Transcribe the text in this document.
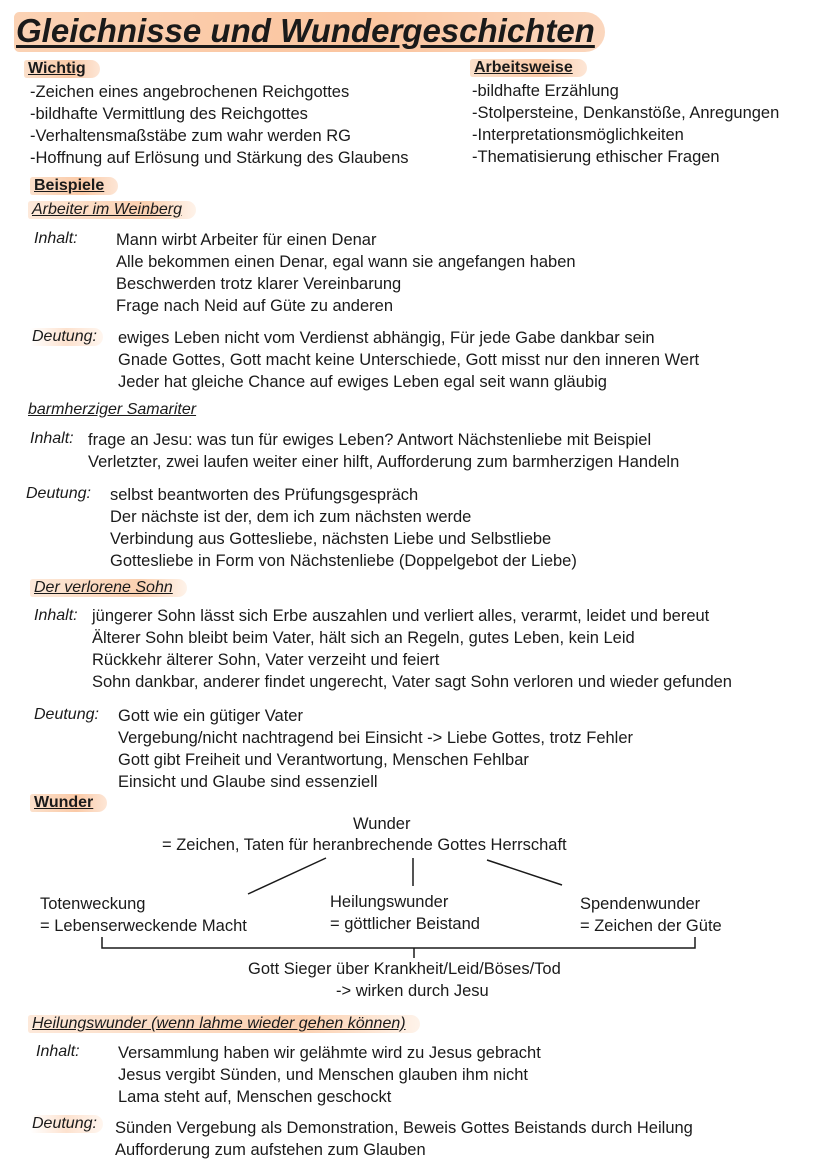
Gleichnisse und Wundergeschichten
Wichtig
-Zeichen eines angebrochenen Reichgottes
-bildhafte Vermittlung des Reichgottes
-Verhaltensmaßstäbe zum wahr werden RG
-Hoffnung auf Erlösung und Stärkung des Glaubens
Arbeitsweise
-bildhafte Erzählung
-Stolpersteine, Denkanstöße, Anregungen
-Interpretationsmöglichkeiten
-Thematisierung ethischer Fragen
Beispiele
Arbeiter im Weinberg
Inhalt:	Mann wirbt Arbeiter für einen Denar
Alle bekommen einen Denar, egal wann sie angefangen haben
Beschwerden trotz klarer Vereinbarung
Frage nach Neid auf Güte zu anderen
Deutung:	ewiges Leben nicht vom Verdienst abhängig, Für jede Gabe dankbar sein
Gnade Gottes, Gott macht keine Unterschiede, Gott misst nur den inneren Wert
Jeder hat gleiche Chance auf ewiges Leben egal seit wann gläubig
barmherziger Samariter
Inhalt: frage an Jesu: was tun für ewiges Leben? Antwort Nächstenliebe mit Beispiel
Verletzter, zwei laufen weiter einer hilft, Aufforderung zum barmherzigen Handeln
Deutung:	selbst beantworten des Prüfungsgespräch
Der nächste ist der, dem ich zum nächsten werde
Verbindung aus Gottesliebe, nächsten Liebe und Selbstliebe
Gottesliebe in Form von Nächstenliebe (Doppelgebot der Liebe)
Der verlorene Sohn
Inhalt: jüngerer Sohn lässt sich Erbe auszahlen und verliert alles, verarmt, leidet und bereut
Älterer Sohn bleibt beim Vater, hält sich an Regeln, gutes Leben, kein Leid
Rückkehr älterer Sohn, Vater verzeiht und feiert
Sohn dankbar, anderer findet ungerecht, Vater sagt Sohn verloren und wieder gefunden
Deutung:	Gott wie ein gütiger Vater
Vergebung/nicht nachtragend bei Einsicht -> Liebe Gottes, trotz Fehler
Gott gibt Freiheit und Verantwortung, Menschen Fehlbar
Einsicht und Glaube sind essenziell
Wunder
Wunder
= Zeichen, Taten für heranbrechende Gottes Herrschaft
Totenweckung
= Lebenserweckende Macht
Heilungswunder
= göttlicher Beistand
Spendenwunder
= Zeichen der Güte
Gott Sieger über Krankheit/Leid/Böses/Tod
-> wirken durch Jesu
Heilungswunder (wenn lahme wieder gehen können)
Inhalt:	Versammlung haben wir gelähmte wird zu Jesus gebracht
Jesus vergibt Sünden, und Menschen glauben ihm nicht
Lama steht auf, Menschen geschockt
Deutung:	Sünden Vergebung als Demonstration, Beweis Gottes Beistands durch Heilung
Aufforderung zum aufstehen zum Glauben
